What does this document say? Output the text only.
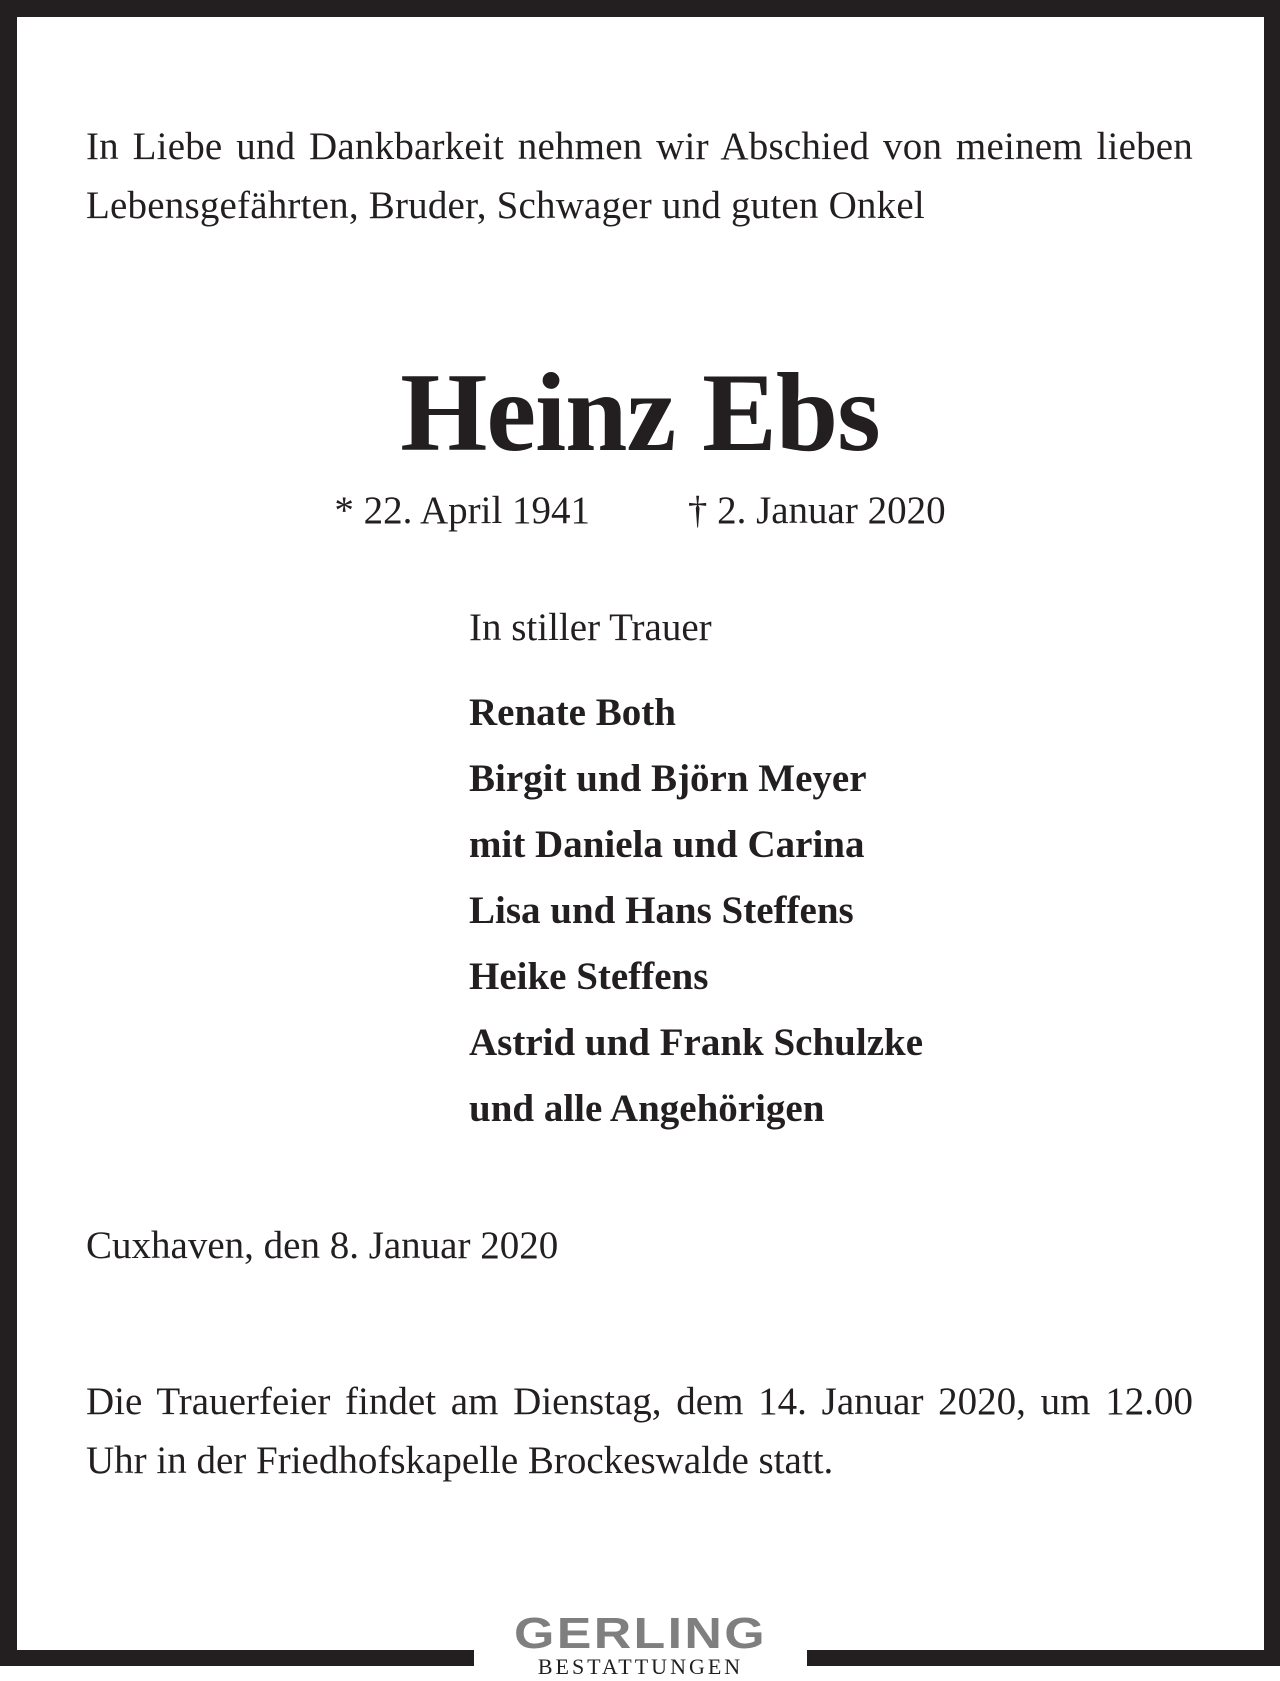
In Liebe und Dankbarkeit nehmen wir Abschied von meinem lieben Lebensgefährten, Bruder, Schwager und guten Onkel

Heinz Ebs
* 22. April 1941	† 2. Januar 2020
In stiller Trauer
Renate Both
Birgit und Björn Meyer
mit Daniela und Carina
Lisa und Hans Steffens
Heike Steffens
Astrid und Frank Schulzke
und alle Angehörigen
Cuxhaven, den 8. Januar 2020

Die Trauerfeier findet am Dienstag, dem 14. Januar 2020, um 12.00 Uhr in der Friedhofskapelle Brockeswalde statt.

GERLING
BESTATTUNGEN
